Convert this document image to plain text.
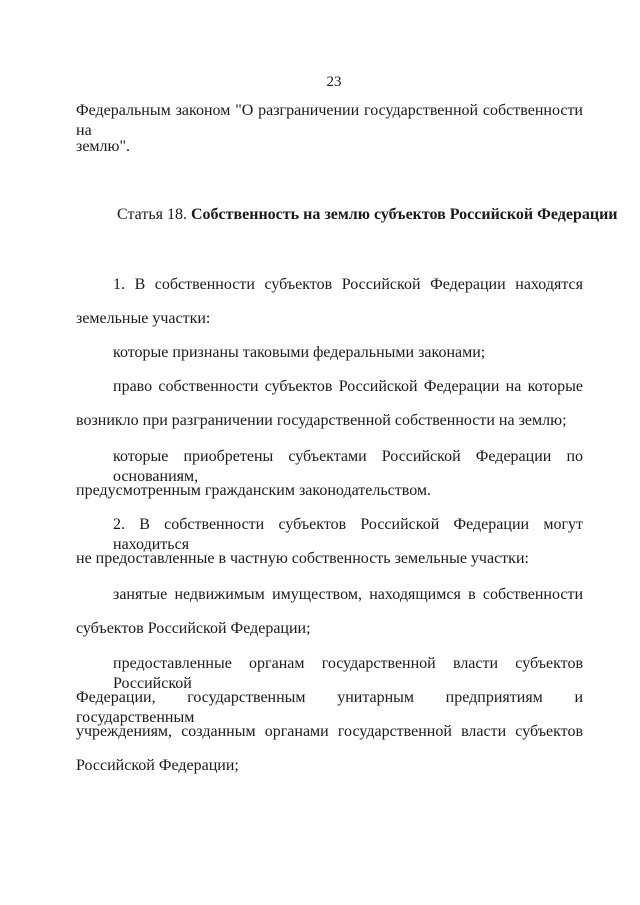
23
Федеральным законом "О разграничении государственной собственности на
землю".
Статья 18. Собственность на землю субъектов Российской Федерации
1. В собственности субъектов Российской Федерации находятся
земельные участки:
которые признаны таковыми федеральными законами;
право собственности субъектов Российской Федерации на которые
возникло при разграничении государственной собственности на землю;
которые приобретены субъектами Российской Федерации по основаниям,
предусмотренным гражданским законодательством.
2. В собственности субъектов Российской Федерации могут находиться
не предоставленные в частную собственность земельные участки:
занятые недвижимым имуществом, находящимся в собственности
субъектов Российской Федерации;
предоставленные органам государственной власти субъектов Российской
Федерации, государственным унитарным предприятиям и государственным
учреждениям, созданным органами государственной власти субъектов
Российской Федерации;
